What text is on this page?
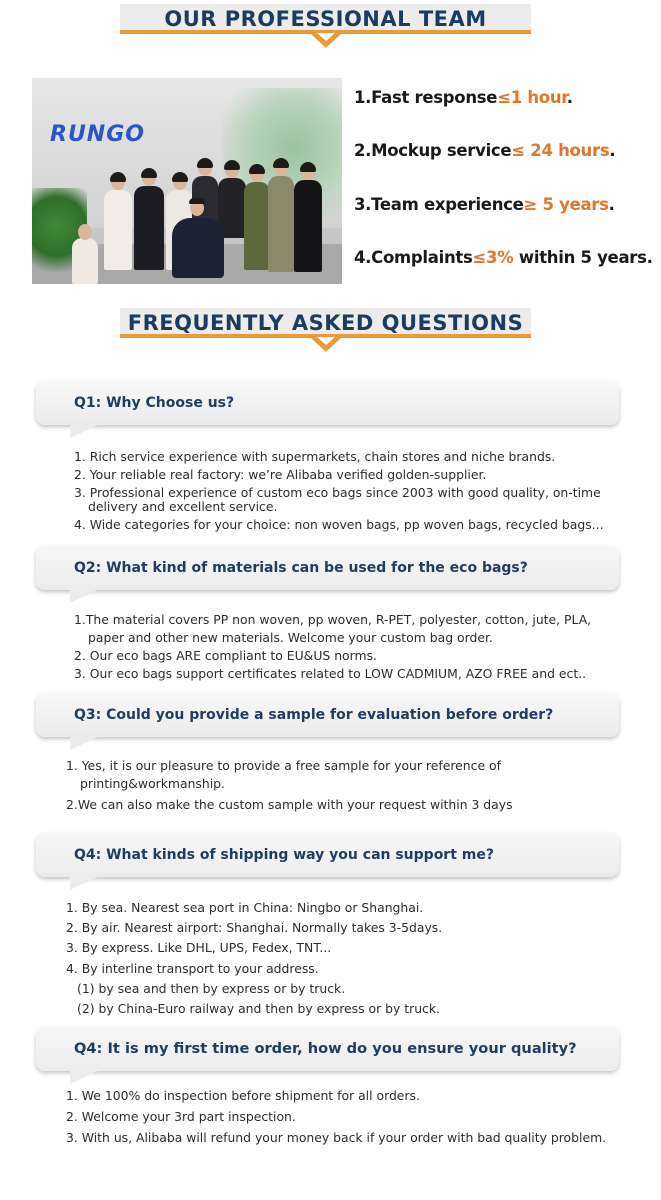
OUR PROFESSIONAL TEAM
RUNGO
1.Fast response≤1 hour.
2.Mockup service≤ 24 hours.
3.Team experience≥ 5 years.
4.Complaints≤3% within 5 years.
FREQUENTLY ASKED QUESTIONS
Q1: Why Choose us?
1. Rich service experience with supermarkets, chain stores and niche brands.
2. Your reliable real factory: we’re Alibaba verified golden-supplier.
3. Professional experience of custom eco bags since 2003 with good quality, on-time
delivery and excellent service.
4. Wide categories for your choice: non woven bags, pp woven bags, recycled bags...
Q2: What kind of materials can be used for the eco bags?
1.The material covers PP non woven, pp woven, R-PET, polyester, cotton, jute, PLA,
paper and other new materials. Welcome your custom bag order.
2. Our eco bags ARE compliant to EU&US norms.
3. Our eco bags support certificates related to LOW CADMIUM, AZO FREE and ect..
Q3: Could you provide a sample for evaluation before order?
1. Yes, it is our pleasure to provide a free sample for your reference of
printing&workmanship.
2.We can also make the custom sample with your request within 3 days
Q4: What kinds of shipping way you can support me?
1. By sea. Nearest sea port in China: Ningbo or Shanghai.
2. By air. Nearest airport: Shanghai. Normally takes 3-5days.
3. By express. Like DHL, UPS, Fedex, TNT...
4. By interline transport to your address.
(1) by sea and then by express or by truck.
(2) by China-Euro railway and then by express or by truck.
Q4: It is my first time order, how do you ensure your quality?
1. We 100% do inspection before shipment for all orders.
2. Welcome your 3rd part inspection.
3. With us, Alibaba will refund your money back if your order with bad quality problem.
